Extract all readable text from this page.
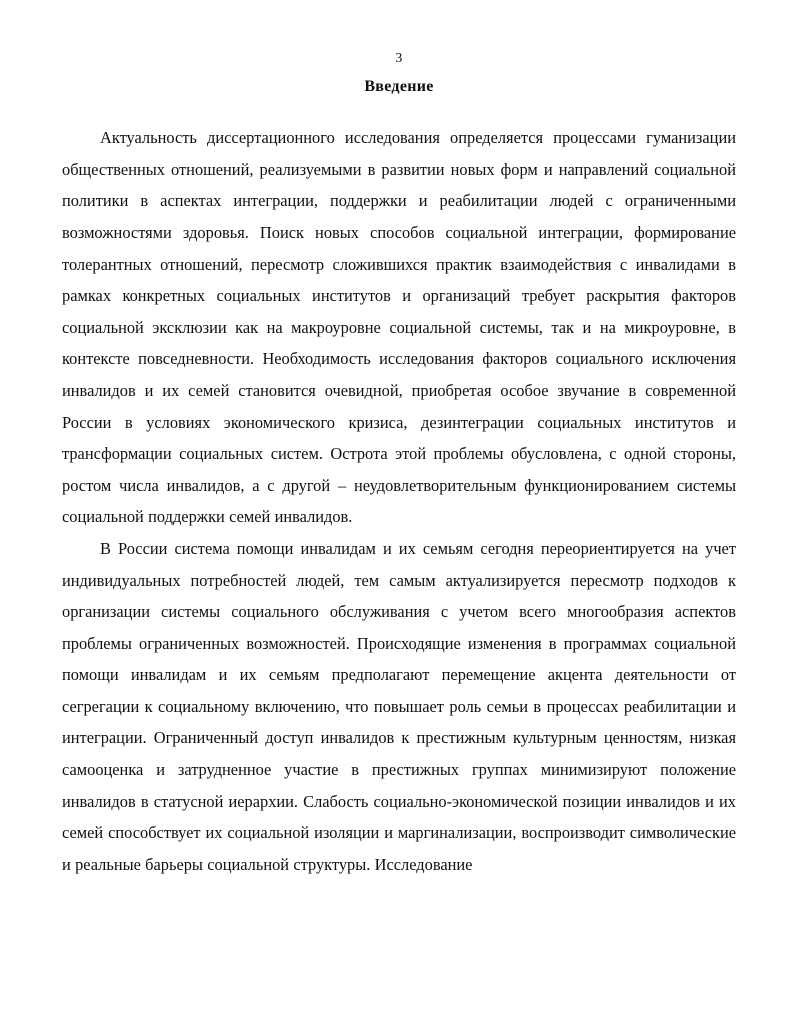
3
Введение

Актуальность диссертационного исследования определяется процессами гуманизации общественных отношений, реализуемыми в развитии новых форм и направлений социальной политики в аспектах интеграции, поддержки и реабилитации людей с ограниченными возможностями здоровья. Поиск новых способов социальной интеграции, формирование толерантных отношений, пересмотр сложившихся практик взаимодействия с инвалидами в рамках конкретных социальных институтов и организаций требует раскрытия факторов социальной эксклюзии как на макроуровне социальной системы, так и на микроуровне, в контексте повседневности. Необходимость исследования факторов социального исключения инвалидов и их семей становится очевидной, приобретая особое звучание в современной России в условиях экономического кризиса, дезинтеграции социальных институтов и трансформации социальных систем. Острота этой проблемы обусловлена, с одной стороны, ростом числа инвалидов, а с другой – неудовлетворительным функционированием системы социальной поддержки семей инвалидов.

В России система помощи инвалидам и их семьям сегодня переориентируется на учет индивидуальных потребностей людей, тем самым актуализируется пересмотр подходов к организации системы социального обслуживания с учетом всего многообразия аспектов проблемы ограниченных возможностей. Происходящие изменения в программах социальной помощи инвалидам и их семьям предполагают перемещение акцента деятельности от сегрегации к социальному включению, что повышает роль семьи в процессах реабилитации и интеграции. Ограниченный доступ инвалидов к престижным культурным ценностям, низкая самооценка и затрудненное участие в престижных группах минимизируют положение инвалидов в статусной иерархии. Слабость социально-экономической позиции инвалидов и их семей способствует их социальной изоляции и маргинализации, воспроизводит символические и реальные барьеры социальной структуры. Исследование
